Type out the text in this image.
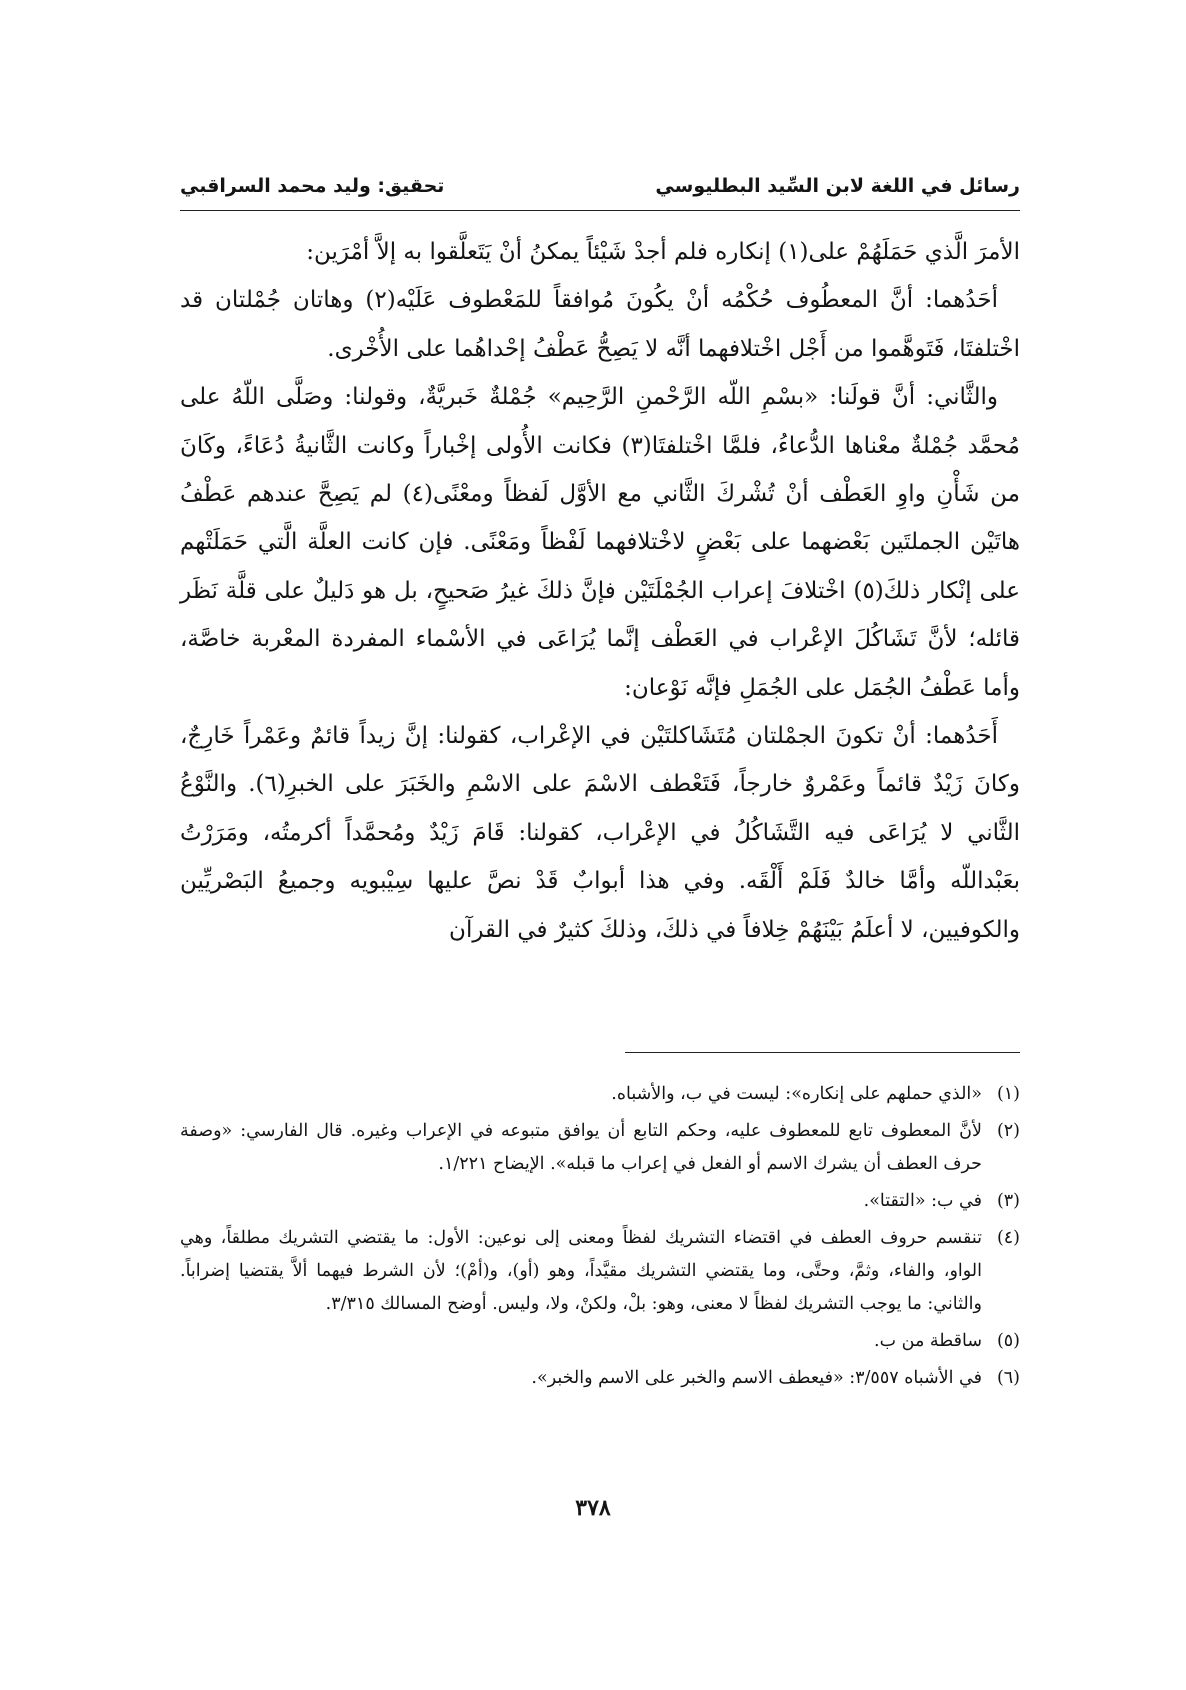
رسائل في اللغة لابن السِّيد البطليوسي
تحقيق: وليد محمد السراقبي

الأمرَ الَّذي حَمَلَهُمْ على(١) إنكاره فلم أجدْ شَيْئاً يمكنُ أنْ يَتَعلَّقوا به إلاَّ أمْرَين:

أحَدُهما: أنَّ المعطُوف حُكْمُه أنْ يكُونَ مُوافقاً للمَعْطوف عَلَيْه(٢) وهاتان جُمْلتان قد اخْتلفتَا، فَتَوهَّموا من أَجْل اخْتلافهما أنَّه لا يَصِحُّ عَطْفُ إحْداهُما على الأُخْرى.

والثَّاني: أنَّ قولَنا: «بسْمِ اللّه الرَّحْمنِ الرَّحِيم» جُمْلةٌ خَبريَّةٌ، وقولنا: وصَلَّى اللّهُ على مُحمَّد جُمْلةٌ معْناها الدُّعاءُ، فلمَّا اخْتلفتَا(٣) فكانت الأُولى إخْباراً وكانت الثَّانيةُ دُعَاءً، وكَانَ من شَأْنِ واوِ العَطْف أنْ تُشْركَ الثَّاني مع الأوَّل لَفظاً ومعْنًى(٤) لم يَصِحَّ عندهم عَطْفُ هاتَيْن الجملتَين بَعْضهما على بَعْضٍ لاخْتلافهما لَفْظاً ومَعْنًى. فإن كانت العلَّة الَّتي حَمَلَتْهم على إنْكار ذلكَ(٥) اخْتلافَ إعراب الجُمْلَتَيْن فإنَّ ذلكَ غيرُ صَحيحٍ، بل هو دَليلٌ على قلَّة نَظَر قائله؛ لأنَّ تَشَاكُلَ الإعْراب في العَطْف إنَّما يُرَاعَى في الأسْماء المفردة المعْربة خاصَّة، وأما عَطْفُ الجُمَل على الجُمَلِ فإنَّه نَوْعان:

أَحَدُهما: أنْ تكونَ الجمْلتان مُتَشَاكلتَيْن في الإعْراب، كقولنا: إنَّ زيداً قائمٌ وعَمْراً خَارِجٌ، وكانَ زَيْدٌ قائماً وعَمْروٌ خارجاً، فَتَعْطف الاسْمَ على الاسْمِ والخَبَرَ على الخبرِ(٦). والنَّوْعُ الثَّاني لا يُرَاعَى فيه التَّشَاكُلُ في الإعْراب، كقولنا: قَامَ زَيْدٌ ومُحمَّداً أكرمتُه، ومَرَرْتُ بعَبْداللّه وأمَّا خالدٌ فَلَمْ أَلْقَه. وفي هذا أبوابٌ قَدْ نصَّ عليها سِيْبويه وجميعُ البَصْريِّين والكوفيين، لا أعلَمُ بَيْنَهُمْ خِلافاً في ذلكَ، وذلكَ كثيرٌ في القرآن

(١)«الذي حملهم على إنكاره»: ليست في ب، والأشباه.

(٢)لأنَّ المعطوف تابع للمعطوف عليه، وحكم التابع أن يوافق متبوعه في الإعراب وغيره. قال الفارسي: «وصفة حرف العطف أن يشرك الاسم أو الفعل في إعراب ما قبله». الإيضاح ١/٢٢١.

(٣)في ب: «التقتا».

(٤)تنقسم حروف العطف في اقتضاء التشريك لفظاً ومعنى إلى نوعين: الأول: ما يقتضي التشريك مطلقاً، وهي الواو، والفاء، وثمَّ، وحتَّى، وما يقتضي التشريك مقيَّداً، وهو (أو)، و(أمْ)؛ لأن الشرط فيهما ألاَّ يقتضيا إضراباً. والثاني: ما يوجب التشريك لفظاً لا معنى، وهو: بلْ، ولكنْ، ولا، وليس. أوضح المسالك ٣/٣١٥.

(٥)ساقطة من ب.

(٦)في الأشباه ٣/٥٥٧: «فيعطف الاسم والخبر على الاسم والخبر».

٣٧٨
